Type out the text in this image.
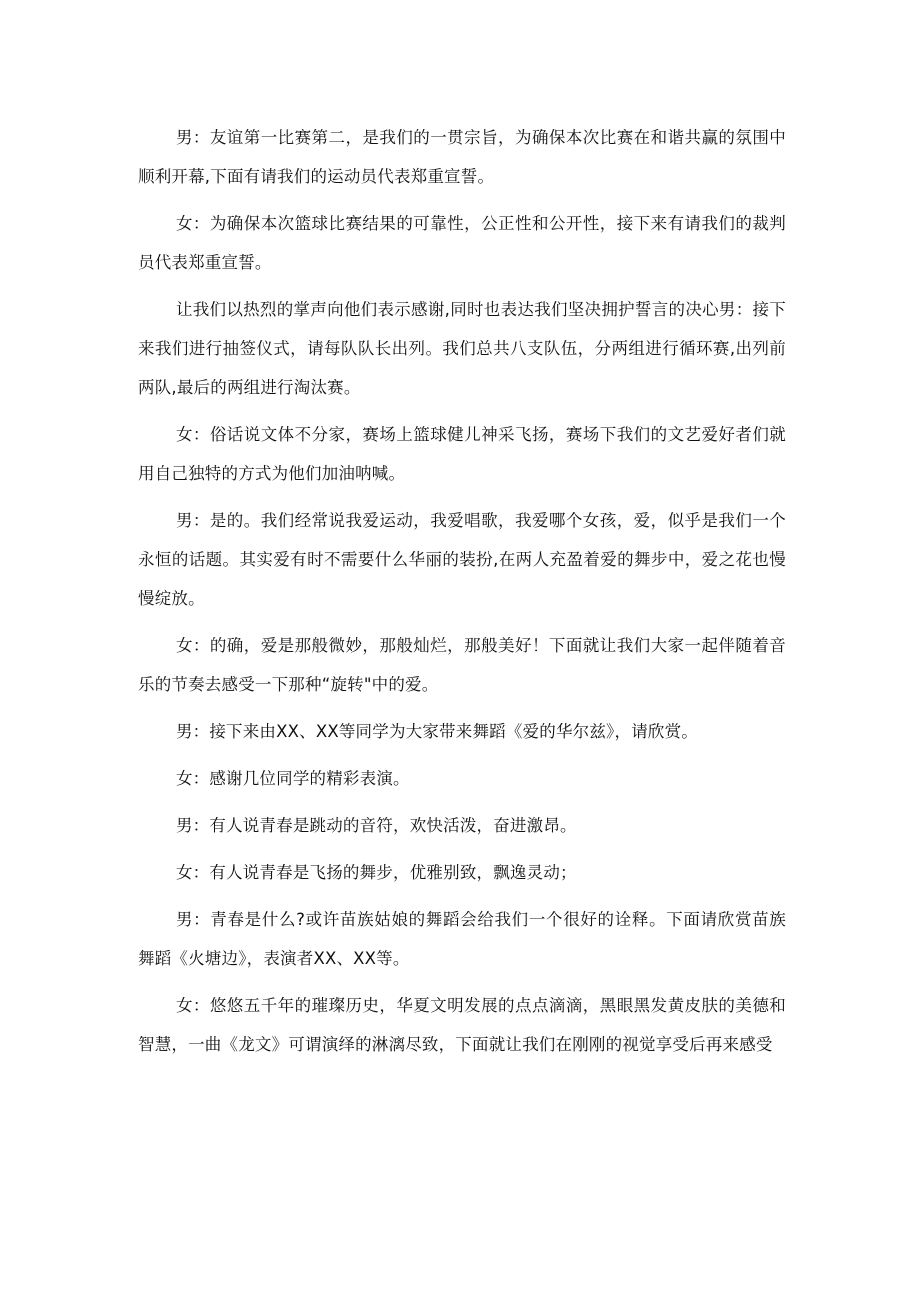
男：友谊第一比赛第二，是我们的一贯宗旨，为确保本次比赛在和谐共赢的氛围中顺利开幕,下面有请我们的运动员代表郑重宣誓。

女：为确保本次篮球比赛结果的可靠性，公正性和公开性，接下来有请我们的裁判员代表郑重宣誓。

让我们以热烈的掌声向他们表示感谢,同时也表达我们坚决拥护誓言的决心男：接下来我们进行抽签仪式，请每队队长出列。我们总共八支队伍，分两组进行循环赛,出列前两队,最后的两组进行淘汰赛。

女：俗话说文体不分家，赛场上篮球健儿神采飞扬，赛场下我们的文艺爱好者们就用自己独特的方式为他们加油呐喊。

男：是的。我们经常说我爱运动，我爱唱歌，我爱哪个女孩，爱，似乎是我们一个永恒的话题。其实爱有时不需要什么华丽的装扮,在两人充盈着爱的舞步中，爱之花也慢慢绽放。

女：的确，爱是那般微妙，那般灿烂，那般美好！下面就让我们大家一起伴随着音乐的节奏去感受一下那种“旋转"中的爱。

男：接下来由XX、XX等同学为大家带来舞蹈《爱的华尔兹》，请欣赏。

女：感谢几位同学的精彩表演。

男：有人说青春是跳动的音符，欢快活泼，奋进激昂。

女：有人说青春是飞扬的舞步，优雅别致，飘逸灵动；

男：青春是什么?或许苗族姑娘的舞蹈会给我们一个很好的诠释。下面请欣赏苗族舞蹈《火塘边》，表演者XX、XX等。

女：悠悠五千年的璀璨历史，华夏文明发展的点点滴滴，黑眼黑发黄皮肤的美德和智慧，一曲《龙文》可谓演绎的淋漓尽致，下面就让我们在刚刚的视觉享受后再来感受
